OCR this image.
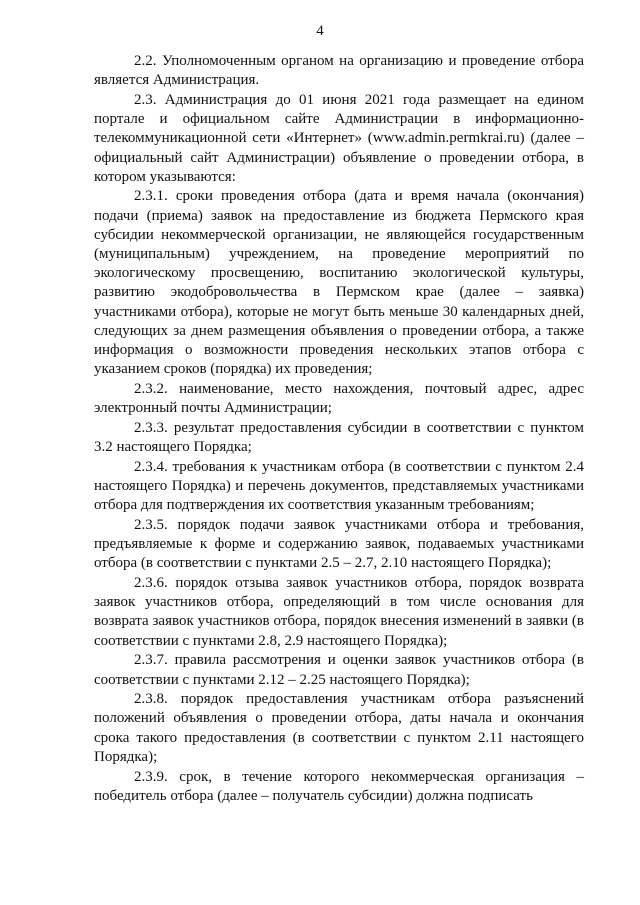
4

2.2. Уполномоченным органом на организацию и проведение отбора является Администрация.

2.3. Администрация до 01 июня 2021 года размещает на едином портале и официальном сайте Администрации в информационно-телекоммуникационной сети «Интернет» (www.admin.permkrai.ru) (далее – официальный сайт Администрации) объявление о проведении отбора, в котором указываются:

2.3.1. сроки проведения отбора (дата и время начала (окончания) подачи (приема) заявок на предоставление из бюджета Пермского края субсидии некоммерческой организации, не являющейся государственным (муниципальным) учреждением, на проведение мероприятий по экологическому просвещению, воспитанию экологической культуры, развитию экодобровольчества в Пермском крае (далее – заявка) участниками отбора), которые не могут быть меньше 30 календарных дней, следующих за днем размещения объявления о проведении отбора, а также информация о возможности проведения нескольких этапов отбора с указанием сроков (порядка) их проведения;

2.3.2. наименование, место нахождения, почтовый адрес, адрес электронный почты Администрации;

2.3.3. результат предоставления субсидии в соответствии с пунктом 3.2 настоящего Порядка;

2.3.4. требования к участникам отбора (в соответствии с пунктом 2.4 настоящего Порядка) и перечень документов, представляемых участниками отбора для подтверждения их соответствия указанным требованиям;

2.3.5. порядок подачи заявок участниками отбора и требования, предъявляемые к форме и содержанию заявок, подаваемых участниками отбора (в соответствии с пунктами 2.5 – 2.7, 2.10 настоящего Порядка);

2.3.6. порядок отзыва заявок участников отбора, порядок возврата заявок участников отбора, определяющий в том числе основания для возврата заявок участников отбора, порядок внесения изменений в заявки (в соответствии с пунктами 2.8, 2.9 настоящего Порядка);

2.3.7. правила рассмотрения и оценки заявок участников отбора (в соответствии с пунктами 2.12 – 2.25 настоящего Порядка);

2.3.8. порядок предоставления участникам отбора разъяснений положений объявления о проведении отбора, даты начала и окончания срока такого предоставления (в соответствии с пунктом 2.11 настоящего Порядка);

2.3.9. срок, в течение которого некоммерческая организация – победитель отбора (далее – получатель субсидии) должна подписать
